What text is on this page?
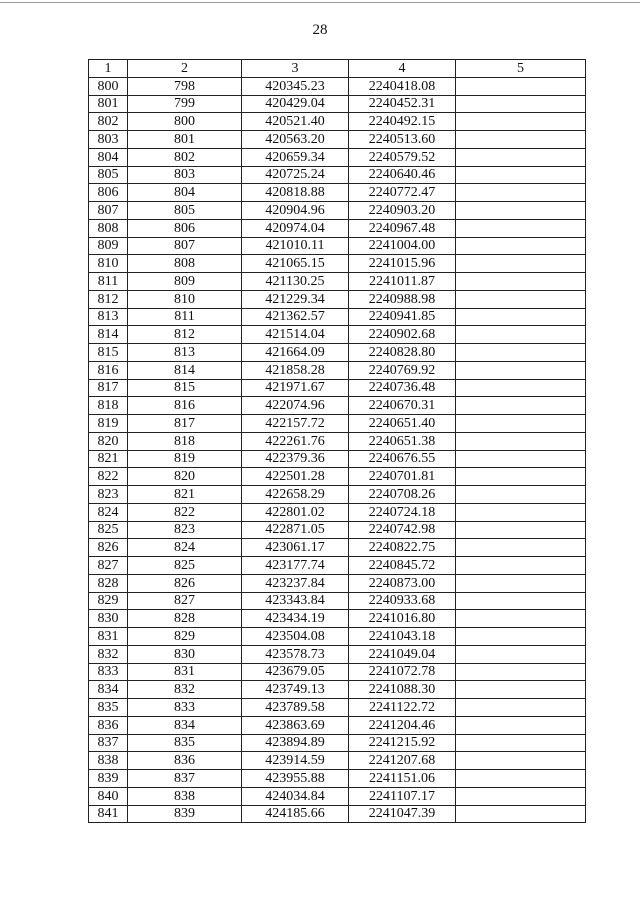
28
1	2	3	4	5
800	798	420345.23	2240418.08	
801	799	420429.04	2240452.31	
802	800	420521.40	2240492.15	
803	801	420563.20	2240513.60	
804	802	420659.34	2240579.52	
805	803	420725.24	2240640.46	
806	804	420818.88	2240772.47	
807	805	420904.96	2240903.20	
808	806	420974.04	2240967.48	
809	807	421010.11	2241004.00	
810	808	421065.15	2241015.96	
811	809	421130.25	2241011.87	
812	810	421229.34	2240988.98	
813	811	421362.57	2240941.85	
814	812	421514.04	2240902.68	
815	813	421664.09	2240828.80	
816	814	421858.28	2240769.92	
817	815	421971.67	2240736.48	
818	816	422074.96	2240670.31	
819	817	422157.72	2240651.40	
820	818	422261.76	2240651.38	
821	819	422379.36	2240676.55	
822	820	422501.28	2240701.81	
823	821	422658.29	2240708.26	
824	822	422801.02	2240724.18	
825	823	422871.05	2240742.98	
826	824	423061.17	2240822.75	
827	825	423177.74	2240845.72	
828	826	423237.84	2240873.00	
829	827	423343.84	2240933.68	
830	828	423434.19	2241016.80	
831	829	423504.08	2241043.18	
832	830	423578.73	2241049.04	
833	831	423679.05	2241072.78	
834	832	423749.13	2241088.30	
835	833	423789.58	2241122.72	
836	834	423863.69	2241204.46	
837	835	423894.89	2241215.92	
838	836	423914.59	2241207.68	
839	837	423955.88	2241151.06	
840	838	424034.84	2241107.17	
841	839	424185.66	2241047.39	
